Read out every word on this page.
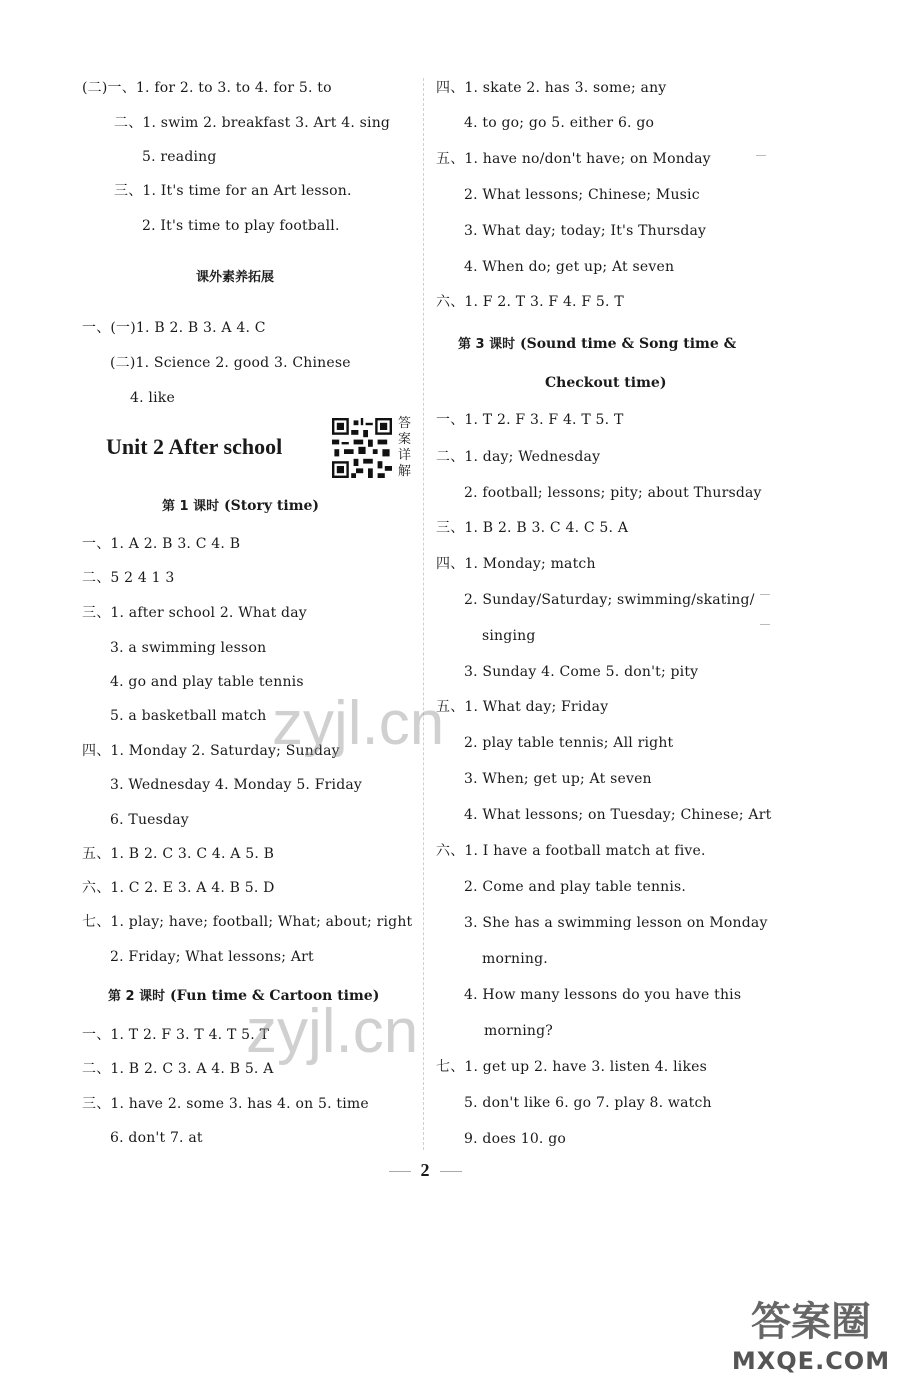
(二)一、1. for 2. to 3. to 4. for 5. to
二、1. swim 2. breakfast 3. Art 4. sing
5. reading
三、1. It's time for an Art lesson.
2. It's time to play football.
课外素养拓展
一、(一)1. B 2. B 3. A 4. C
(二)1. Science 2. good 3. Chinese
4. like
Unit 2 After school
答案详解
第 1 课时 (Story time)
一、1. A 2. B 3. C 4. B
二、5 2 4 1 3
三、1. after school 2. What day
3. a swimming lesson
4. go and play table tennis
5. a basketball match
四、1. Monday 2. Saturday; Sunday
3. Wednesday 4. Monday 5. Friday
6. Tuesday
五、1. B 2. C 3. C 4. A 5. B
六、1. C 2. E 3. A 4. B 5. D
七、1. play; have; football; What; about; right
2. Friday; What lessons; Art
第 2 课时 (Fun time & Cartoon time)
一、1. T 2. F 3. T 4. T 5. T
二、1. B 2. C 3. A 4. B 5. A
三、1. have 2. some 3. has 4. on 5. time
6. don't 7. at
四、1. skate 2. has 3. some; any
4. to go; go 5. either 6. go
五、1. have no/don't have; on Monday
2. What lessons; Chinese; Music
3. What day; today; It's Thursday
4. When do; get up; At seven
六、1. F 2. T 3. F 4. F 5. T
第 3 课时 (Sound time & Song time &
Checkout time)
一、1. T 2. F 3. F 4. T 5. T
二、1. day; Wednesday
2. football; lessons; pity; about Thursday
三、1. B 2. B 3. C 4. C 5. A
四、1. Monday; match
2. Sunday/Saturday; swimming/skating/
singing
3. Sunday 4. Come 5. don't; pity
五、1. What day; Friday
2. play table tennis; All right
3. When; get up; At seven
4. What lessons; on Tuesday; Chinese; Art
六、1. I have a football match at five.
2. Come and play table tennis.
3. She has a swimming lesson on Monday
morning.
4. How many lessons do you have this
morning?
七、1. get up 2. have 3. listen 4. likes
5. don't like 6. go 7. play 8. watch
9. does 10. go
zyjl.cn
zyjl.cn
2
答案圈
MXQE.COM
